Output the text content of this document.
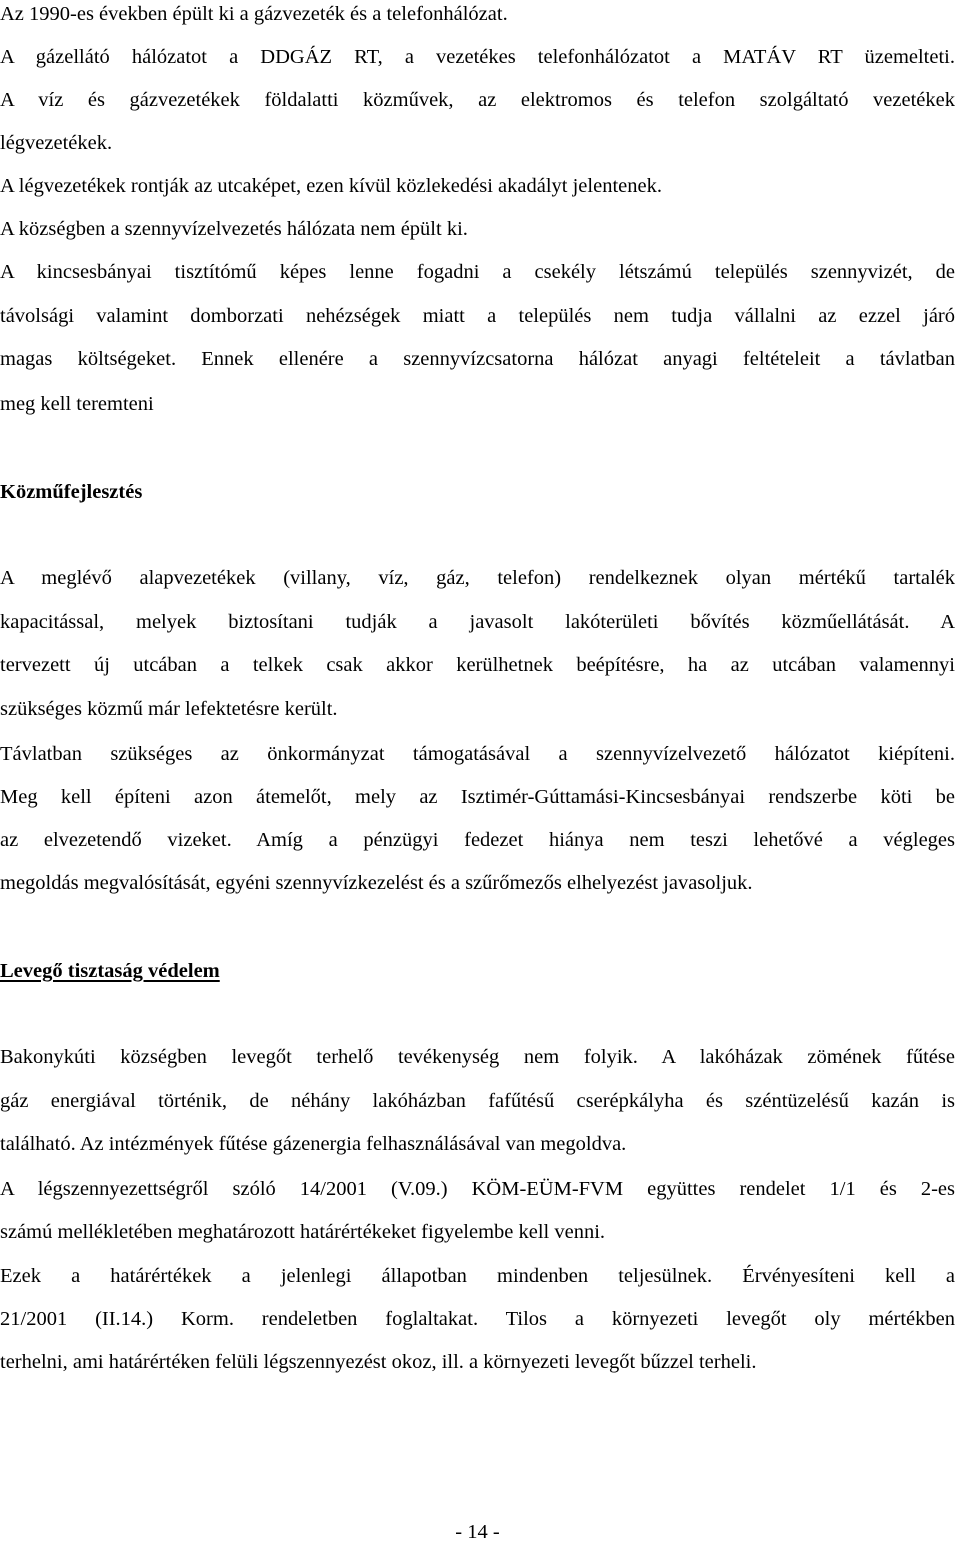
Az 1990-es években épült ki a gázvezeték és a telefonhálózat.
A gázellátó hálózatot a DDGÁZ RT, a vezetékes telefonhálózatot a MATÁV RT üzemelteti.
A víz és gázvezetékek földalatti közművek, az elektromos és telefon szolgáltató vezetékek
légvezetékek.
A légvezetékek rontják az utcaképet, ezen kívül közlekedési akadályt jelentenek.
A községben a szennyvízelvezetés hálózata nem épült ki.
A kincsesbányai tisztítómű képes lenne fogadni a csekély létszámú település szennyvizét, de
távolsági valamint domborzati nehézségek miatt a település nem tudja vállalni az ezzel járó
magas költségeket. Ennek ellenére a szennyvízcsatorna hálózat anyagi feltételeit a távlatban
meg kell teremteni
Közműfejlesztés
A meglévő alapvezetékek (villany, víz, gáz, telefon) rendelkeznek olyan mértékű tartalék
kapacitással, melyek biztosítani tudják a javasolt lakóterületi bővítés közműellátását. A
tervezett új utcában a telkek csak akkor kerülhetnek beépítésre, ha az utcában valamennyi
szükséges közmű már lefektetésre került.
Távlatban szükséges az önkormányzat támogatásával a szennyvízelvezető hálózatot kiépíteni.
Meg kell építeni azon átemelőt, mely az Isztimér-Gúttamási-Kincsesbányai rendszerbe köti be
az elvezetendő vizeket. Amíg a pénzügyi fedezet hiánya nem teszi lehetővé a végleges
megoldás megvalósítását, egyéni szennyvízkezelést és a szűrőmezős elhelyezést javasoljuk.
Levegő tisztaság védelem
Bakonykúti községben levegőt terhelő tevékenység nem folyik. A lakóházak zömének fűtése
gáz energiával történik, de néhány lakóházban fafűtésű cserépkályha és széntüzelésű kazán is
található. Az intézmények fűtése gázenergia felhasználásával van megoldva.
A légszennyezettségről szóló 14/2001 (V.09.) KÖM-EÜM-FVM együttes rendelet 1/1 és 2-es
számú mellékletében meghatározott határértékeket figyelembe kell venni.
Ezek a határértékek a jelenlegi állapotban mindenben teljesülnek. Érvényesíteni kell a
21/2001 (II.14.) Korm. rendeletben foglaltakat. Tilos a környezeti levegőt oly mértékben
terhelni, ami határértéken felüli légszennyezést okoz, ill. a környezeti levegőt bűzzel terheli.
- 14 -
